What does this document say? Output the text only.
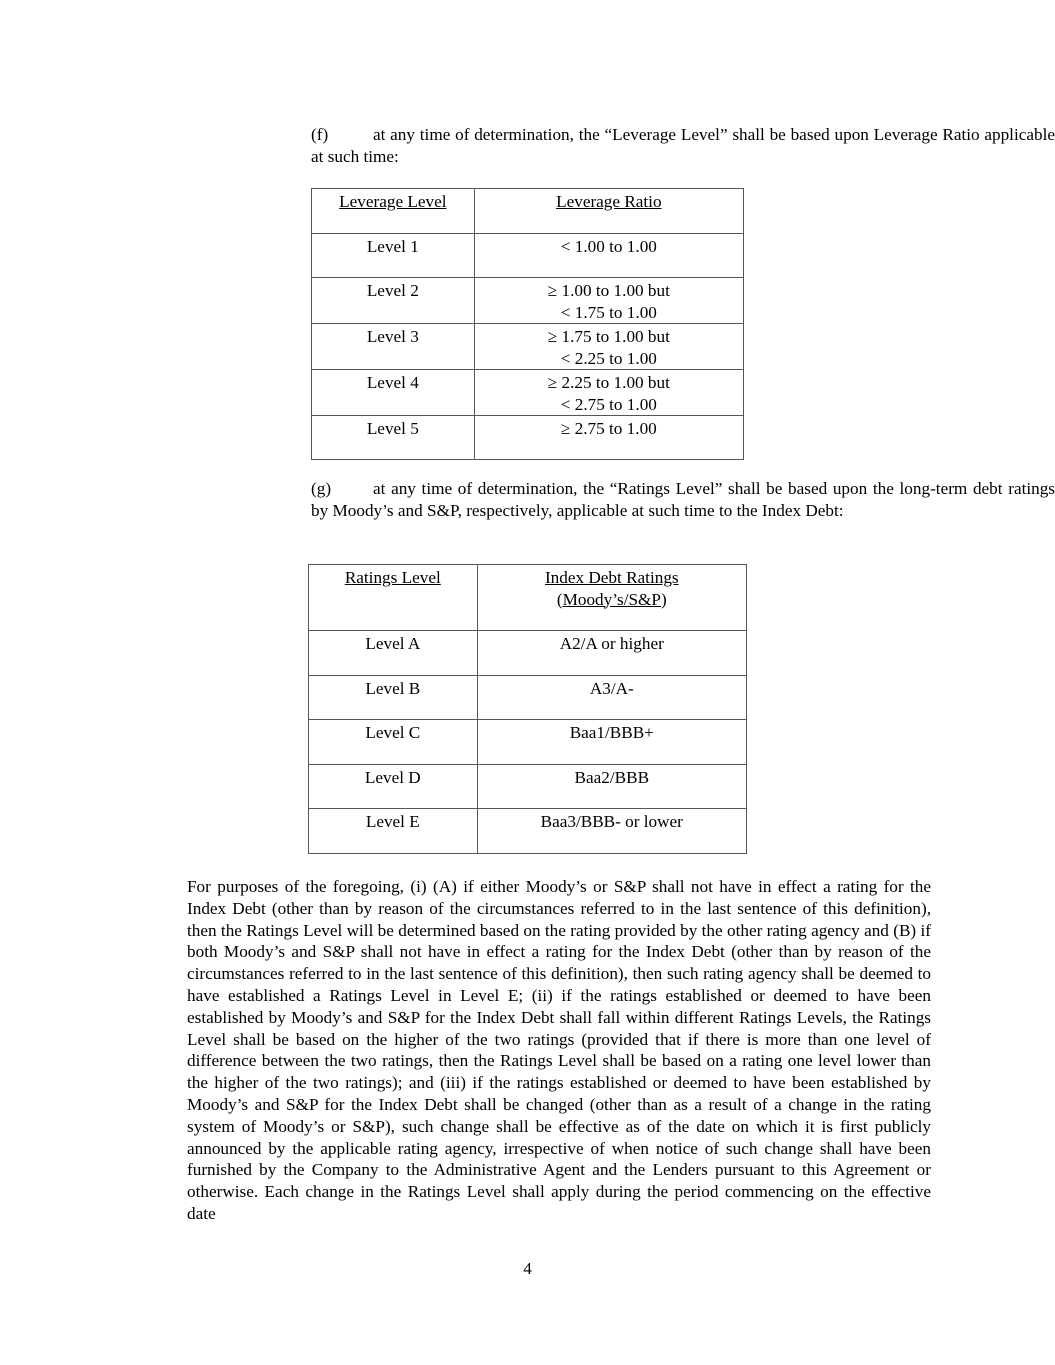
(f)	at any time of determination, the “Leverage Level” shall be based upon Leverage Ratio applicable at such time:

Leverage Level	Leverage Ratio
Level 1	< 1.00 to 1.00

Level 2	≥ 1.00 to 1.00 but
< 1.75 to 1.00

Level 3	≥ 1.75 to 1.00 but
< 2.25 to 1.00

Level 4	≥ 2.25 to 1.00 but
< 2.75 to 1.00

Level 5	≥ 2.75 to 1.00

(g) at any time of determination, the “Ratings Level” shall be based upon the long-term debt ratings by Moody’s and S&P, respectively, applicable at such time to the Index Debt:

Ratings Level	Index Debt Ratings
(Moody’s/S&P)

Level A	A2/A or higher
Level B	A3/A-
Level C	Baa1/BBB+
Level D	Baa2/BBB
Level E	Baa3/BBB- or lower

For purposes of the foregoing, (i) (A) if either Moody’s or S&P shall not have in effect a rating for the Index Debt (other than by reason of the circumstances referred to in the last sentence of this definition), then the Ratings Level will be determined based on the rating provided by the other rating agency and (B) if both Moody’s and S&P shall not have in effect a rating for the Index Debt (other than by reason of the circumstances referred to in the last sentence of this definition), then such rating agency shall be deemed to have established a Ratings Level in Level E; (ii) if the ratings established or deemed to have been established by Moody’s and S&P for the Index Debt shall fall within different Ratings Levels, the Ratings Level shall be based on the higher of the two ratings (provided that if there is more than one level of difference between the two ratings, then the Ratings Level shall be based on a rating one level lower than the higher of the two ratings); and (iii) if the ratings established or deemed to have been established by Moody’s and S&P for the Index Debt shall be changed (other than as a result of a change in the rating system of Moody’s or S&P), such change shall be effective as of the date on which it is first publicly announced by the applicable rating agency, irrespective of when notice of such change shall have been furnished by the Company to the Administrative Agent and the Lenders pursuant to this Agreement or otherwise. Each change in the Ratings Level shall apply during the period commencing on the effective date

4
